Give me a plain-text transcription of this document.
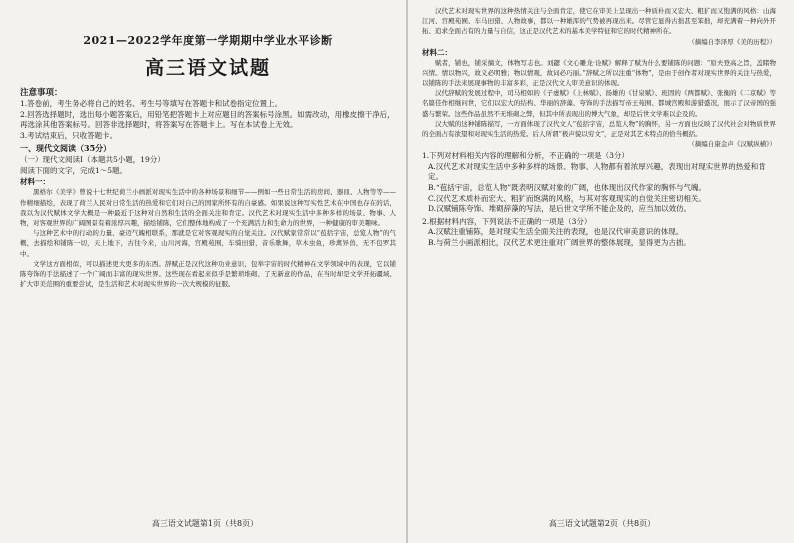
2021—2022学年度第一学期期中学业水平诊断
高三语文试题
注意事项：

1.答卷前，考生务必将自己的姓名、考生号等填写在答题卡和试卷指定位置上。

2.回答选择题时，选出每小题答案后，用铅笔把答题卡上对应题目的答案标号涂黑。如需改动，用橡皮擦干净后，再选涂其他答案标号。回答非选择题时，将答案写在答题卡上。写在本试卷上无效。

3.考试结束后，只收答题卡。

一、现代文阅读（35分）
（一）现代文阅读Ⅰ（本题共5小题，19分）
阅读下面的文字，完成1～5题。
材料一：

黑格尔《美学》曾说十七世纪荷兰小画派对现实生活中的各种场景和细节——例如一些日常生活的房间、器皿、人物等等——作精细描绘，表现了荷兰人民对日常生活的热爱和它们对自己的国家所怀有的自豪感。如果说这种写实性艺术在中国也存在的话，我以为汉代赋体文学大概是一种最近于这种对自然和生活的全面关注和肯定。汉代艺术对现实生活中多种多样的场景、物事、人物，对客观世界的广阔图景有着浓厚兴趣，描绘铺陈，它们整体地构成了一个充满活力和生命力的世界，一种健康的审美趣味。

与这种艺术中的行动的力量、豪迈气魄相联系，那就是它对客观现实的自觉关注。汉代赋家常常以“苞括宇宙，总览人物”的气概，去描绘和铺陈一切，天上地下，古往今来，山川河海，宫殿苑囿，车骑田猎，音乐歌舞，草木虫鱼，珍禽异兽，无不包罗其中。

文学这方面相似，可以描述更大更多的东西。辞赋正是汉代这种功业意识、包举宇宙的时代精神在文学领域中的表现，它以铺陈夸饰的手法描述了一个广阔而丰富的现实世界。这些现在看起来似乎是繁琐堆砌、了无新意的作品，在当时却是文学开拓疆域、扩大审美范围的重要尝试，是生活和艺术对现实世界的一次大规模的征服。

高三语文试题第1页（共8页）

汉代艺术对现实世界的这种热情关注与全面肯定，使它在审美上呈现出一种质朴而又宏大、粗犷而又饱满的风格：山海江河、宫殿苑囿、车马田猎、人物故事，都以一种雄浑的气势被再现出来。尽管它显得古拙甚至笨拙，却充满着一种向外开拓、追求全面占有的力量与自信，这正是汉代艺术的基本美学特征和它的时代精神所在。

（摘编自李泽厚《美的历程》）
材料二：

赋者，铺也，铺采摛文，体物写志也。刘勰《文心雕龙·诠赋》解释了赋为什么要铺陈的问题：“原夫登高之旨，盖睹物兴情。情以物兴，故义必明雅；物以情观，故词必巧丽。”辞赋之所以注重“体物”，是由于创作者对现实世界的关注与热爱，以铺陈的手法来展现事物的丰富多彩，正是汉代文人审美意识的体现。

汉代辞赋的发展过程中，司马相如的《子虚赋》《上林赋》、扬雄的《甘泉赋》、班固的《两都赋》、张衡的《二京赋》等名篇佳作相继问世，它们以宏大的结构、华丽的辞藻、夸饰的手法描写帝王苑囿、都城宫殿和游猎盛况，展示了汉帝国的强盛与繁荣。这些作品虽然不无堆砌之弊，但其中所表现出的博大气象，却是后世文学难以企及的。

汉大赋的这种铺陈描写，一方面体现了汉代文人“苞括宇宙，总览人物”的胸怀，另一方面也反映了汉代社会对物质世界的全面占有欲望和对现实生活的热爱。后人所谓“极声貌以穷文”，正是对其艺术特点的恰当概括。

（摘编自康金声《汉赋纵横》）

1.下列对材料相关内容的理解和分析，不正确的一项是（3分）

A.汉代艺术对现实生活中多种多样的场景、物事、人物都有着浓厚兴趣，表现出对现实世界的热爱和肯定。

B.“苞括宇宙，总览人物”既表明汉赋对象的广阔，也体现出汉代作家的胸怀与气魄。

C.汉代艺术质朴而宏大、粗犷而饱满的风格，与其对客观现实的自觉关注密切相关。

D.汉赋铺陈夸饰、堆砌辞藻的写法，是后世文学所不能企及的，应当加以效仿。

2.根据材料内容，下列说法不正确的一项是（3分）

A.汉赋注重铺陈，是对现实生活全面关注的表现，也是汉代审美意识的体现。

B.与荷兰小画派相比，汉代艺术更注重对广阔世界的整体展现，显得更为古拙。

高三语文试题第2页（共8页）
